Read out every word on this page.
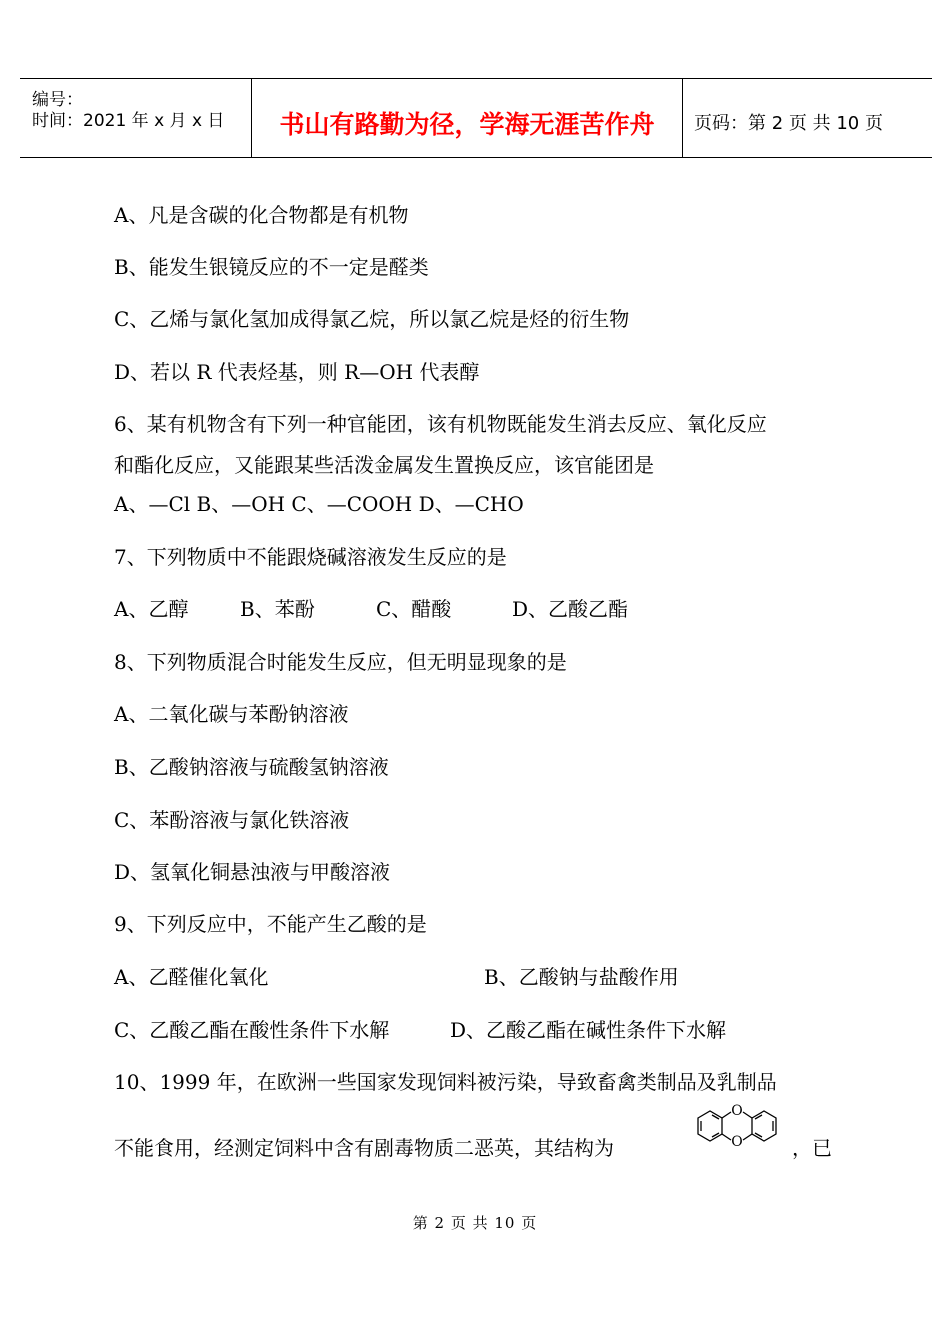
编号：
时间：2021 年 x 月 x 日	书山有路勤为径，学海无涯苦作舟	页码：第 2 页 共 10 页
A、凡是含碳的化合物都是有机物
B、能发生银镜反应的不一定是醛类
C、乙烯与氯化氢加成得氯乙烷，所以氯乙烷是烃的衍生物
D、若以 R 代表烃基，则 R—OH 代表醇
6、某有机物含有下列一种官能团，该有机物既能发生消去反应、氧化反应
和酯化反应，又能跟某些活泼金属发生置换反应，该官能团是
A、—Cl B、—OH C、—COOH D、—CHO
7、下列物质中不能跟烧碱溶液发生反应的是
A、乙醇	B、苯酚	C、醋酸	D、乙酸乙酯
8、下列物质混合时能发生反应，但无明显现象的是
A、二氧化碳与苯酚钠溶液
B、乙酸钠溶液与硫酸氢钠溶液
C、苯酚溶液与氯化铁溶液
D、氢氧化铜悬浊液与甲酸溶液
9、下列反应中，不能产生乙酸的是
A、乙醛催化氧化	B、乙酸钠与盐酸作用
C、乙酸乙酯在酸性条件下水解	D、乙酸乙酯在碱性条件下水解
10、1999 年，在欧洲一些国家发现饲料被污染，导致畜禽类制品及乳制品
不能食用，经测定饲料中含有剧毒物质二恶英，其结构为
O
O ，已
第 2 页 共 10 页
